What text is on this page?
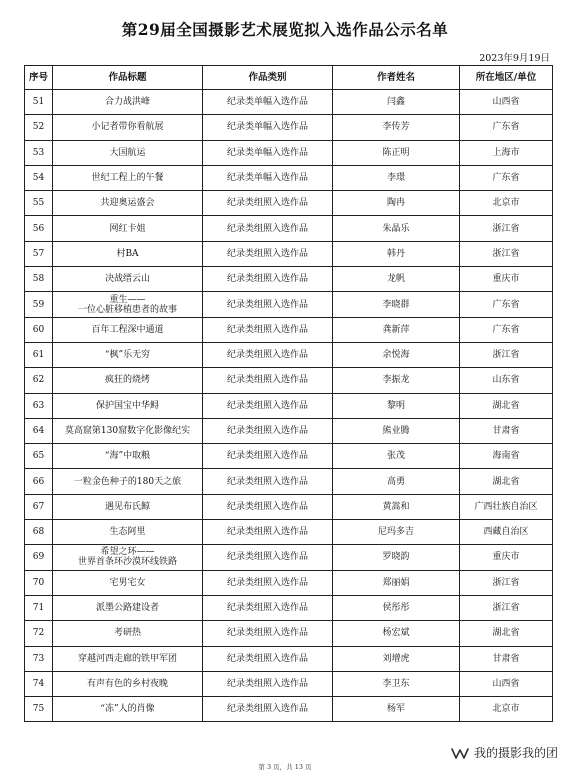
第29届全国摄影艺术展览拟入选作品公示名单
2023年9月19日
序号	作品标题	作品类别	作者姓名	所在地区/单位
51	合力战洪峰	纪录类单幅入选作品	闫鑫	山西省
52	小记者带你看航展	纪录类单幅入选作品	李传芳	广东省
53	大国航运	纪录类单幅入选作品	陈正明	上海市
54	世纪工程上的午餐	纪录类单幅入选作品	李璟	广东省
55	共迎奥运盛会	纪录类组照入选作品	陶冉	北京市
56	网红卡姐	纪录类组照入选作品	朱晶乐	浙江省
57	村BA	纪录类组照入选作品	韩丹	浙江省
58	决战缙云山	纪录类组照入选作品	龙帆	重庆市
59	重生——
一位心脏移植患者的故事	纪录类组照入选作品	李晓群	广东省
60	百年工程深中通道	纪录类组照入选作品	龚新萍	广东省
61	“枫”乐无穷	纪录类组照入选作品	余悦海	浙江省
62	疯狂的烧烤	纪录类组照入选作品	李振龙	山东省
63	保护国宝中华鲟	纪录类组照入选作品	黎明	湖北省
64	莫高窟第130窟数字化影像纪实	纪录类组照入选作品	熊业腾	甘肃省
65	“海”中取粮	纪录类组照入选作品	张茂	海南省
66	一粒金色种子的180天之旅	纪录类组照入选作品	高勇	湖北省
67	遇见布氏鲸	纪录类组照入选作品	黄嵩和	广西壮族自治区
68	生态阿里	纪录类组照入选作品	尼玛多吉	西藏自治区
69	希望之环——
世界首条环沙漠环线铁路	纪录类组照入选作品	罗晓韵	重庆市
70	宅男宅女	纪录类组照入选作品	郑丽娟	浙江省
71	派墨公路建设者	纪录类组照入选作品	侯彤彤	浙江省
72	考研热	纪录类组照入选作品	杨宏斌	湖北省
73	穿越河西走廊的铁甲军团	纪录类组照入选作品	刘增虎	甘肃省
74	有声有色的乡村夜晚	纪录类组照入选作品	李卫东	山西省
75	“冻”人的肖像	纪录类组照入选作品	杨军	北京市
第 3 页，共 13 页
我的摄影我的团
